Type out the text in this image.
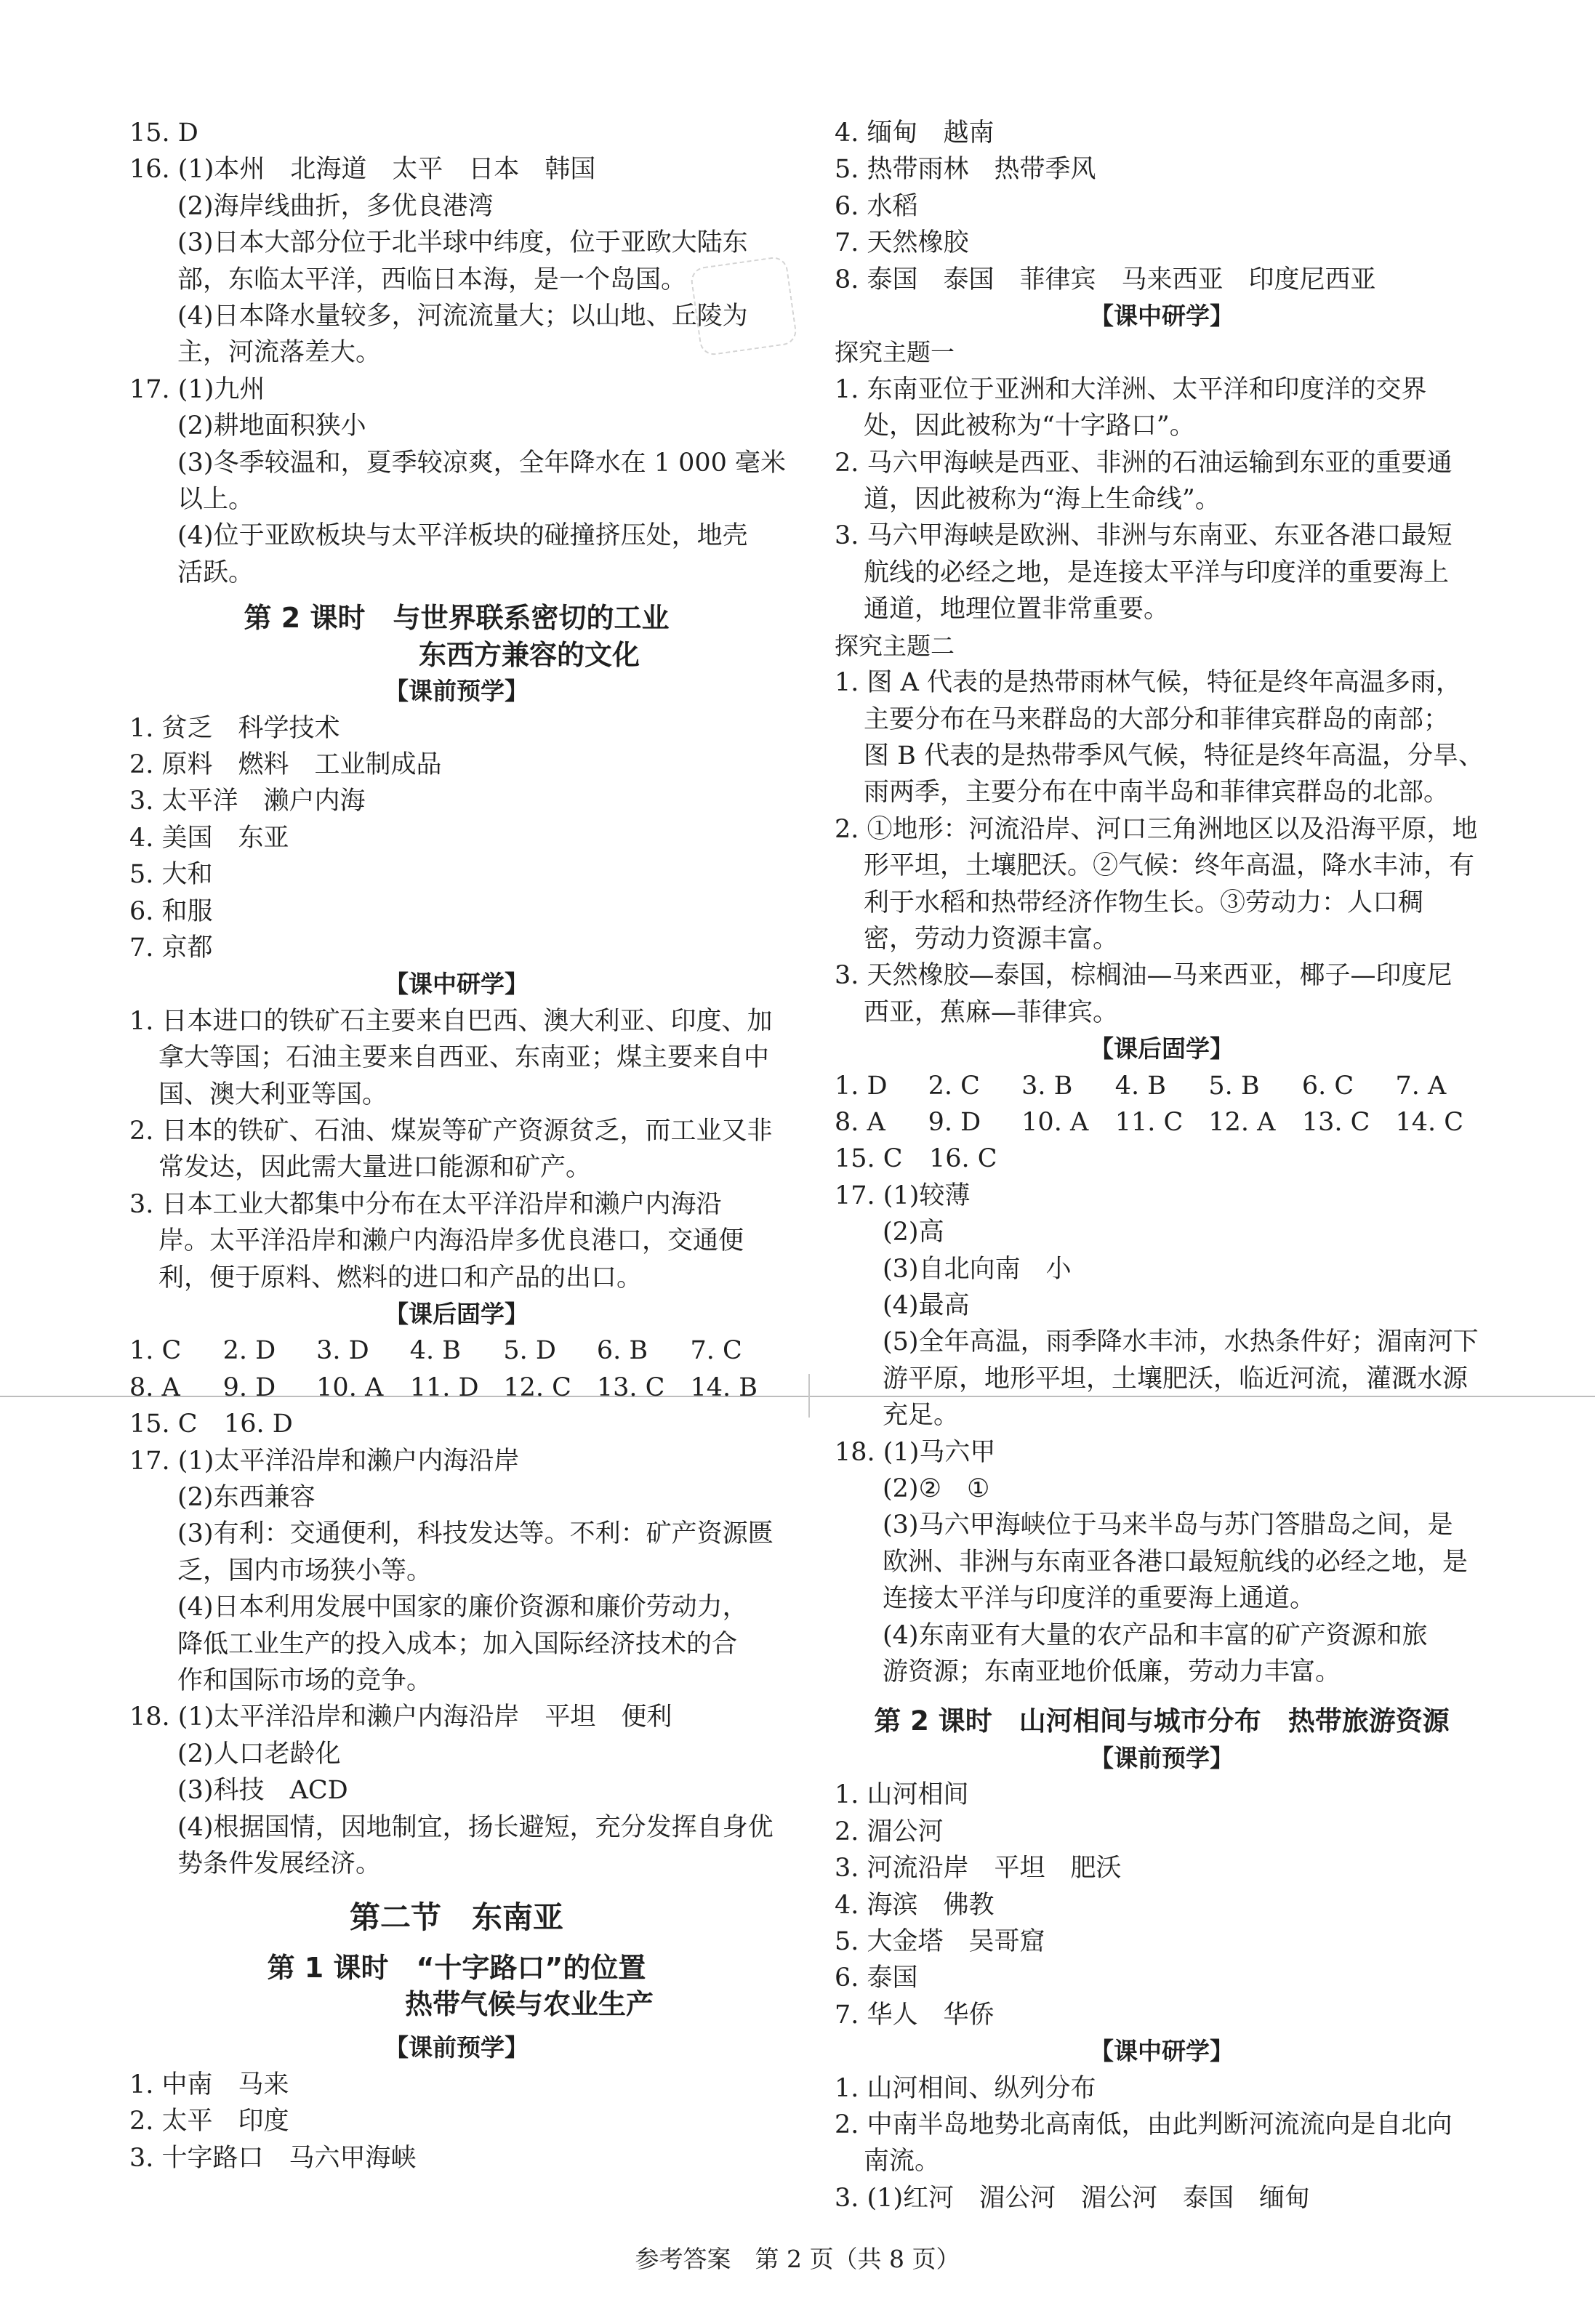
15. D
16. (1)本州　北海道　太平　日本　韩国
(2)海岸线曲折，多优良港湾
(3)日本大部分位于北半球中纬度，位于亚欧大陆东
部，东临太平洋，西临日本海，是一个岛国。
(4)日本降水量较多，河流流量大；以山地、丘陵为
主，河流落差大。
17. (1)九州
(2)耕地面积狭小
(3)冬季较温和，夏季较凉爽，全年降水在 1 000 毫米
以上。
(4)位于亚欧板块与太平洋板块的碰撞挤压处，地壳
活跃。
第 2 课时　与世界联系密切的工业
东西方兼容的文化
【课前预学】
1. 贫乏　科学技术
2. 原料　燃料　工业制成品
3. 太平洋　濑户内海
4. 美国　东亚
5. 大和
6. 和服
7. 京都
【课中研学】
1. 日本进口的铁矿石主要来自巴西、澳大利亚、印度、加
拿大等国；石油主要来自西亚、东南亚；煤主要来自中
国、澳大利亚等国。
2. 日本的铁矿、石油、煤炭等矿产资源贫乏，而工业又非
常发达，因此需大量进口能源和矿产。
3. 日本工业大都集中分布在太平洋沿岸和濑户内海沿
岸。太平洋沿岸和濑户内海沿岸多优良港口，交通便
利，便于原料、燃料的进口和产品的出口。
【课后固学】
1. C	2. D	3. D	4. B	5. D	6. B	7. C
8. A	9. D	10. A	11. D 12. C	13. C	14. B
15. C	16. D
17. (1)太平洋沿岸和濑户内海沿岸
(2)东西兼容
(3)有利：交通便利，科技发达等。不利：矿产资源匮
乏，国内市场狭小等。
(4)日本利用发展中国家的廉价资源和廉价劳动力，
降低工业生产的投入成本；加入国际经济技术的合
作和国际市场的竞争。
18. (1)太平洋沿岸和濑户内海沿岸　平坦　便利
(2)人口老龄化
(3)科技　ACD
(4)根据国情，因地制宜，扬长避短，充分发挥自身优
势条件发展经济。
第二节　东南亚
第 1 课时　“十字路口”的位置
热带气候与农业生产
【课前预学】
1. 中南　马来
2. 太平　印度
3. 十字路口　马六甲海峡
4. 缅甸　越南
5. 热带雨林　热带季风
6. 水稻
7. 天然橡胶
8. 泰国　泰国　菲律宾　马来西亚　印度尼西亚
【课中研学】
探究主题一
1. 东南亚位于亚洲和大洋洲、太平洋和印度洋的交界
处，因此被称为“十字路口”。
2. 马六甲海峡是西亚、非洲的石油运输到东亚的重要通
道，因此被称为“海上生命线”。
3. 马六甲海峡是欧洲、非洲与东南亚、东亚各港口最短
航线的必经之地，是连接太平洋与印度洋的重要海上
通道，地理位置非常重要。
探究主题二
1. 图 A 代表的是热带雨林气候，特征是终年高温多雨，
主要分布在马来群岛的大部分和菲律宾群岛的南部；
图 B 代表的是热带季风气候，特征是终年高温，分旱、
雨两季，主要分布在中南半岛和菲律宾群岛的北部。
2. ①地形：河流沿岸、河口三角洲地区以及沿海平原，地
形平坦，土壤肥沃。②气候：终年高温，降水丰沛，有
利于水稻和热带经济作物生长。③劳动力：人口稠
密，劳动力资源丰富。
3. 天然橡胶—泰国，棕榈油—马来西亚，椰子—印度尼
西亚，蕉麻—菲律宾。
【课后固学】
1. D	2. C	3. B	4. B	5. B	6. C	7. A
8. A	9. D	10. A	11. C	12. A	13. C	14. C
15. C	16. C
17. (1)较薄
(2)高
(3)自北向南　小
(4)最高
(5)全年高温，雨季降水丰沛，水热条件好；湄南河下
游平原，地形平坦，土壤肥沃，临近河流，灌溉水源
充足。
18. (1)马六甲
(2)②　①
(3)马六甲海峡位于马来半岛与苏门答腊岛之间，是
欧洲、非洲与东南亚各港口最短航线的必经之地，是
连接太平洋与印度洋的重要海上通道。
(4)东南亚有大量的农产品和丰富的矿产资源和旅
游资源；东南亚地价低廉，劳动力丰富。
第 2 课时　山河相间与城市分布　热带旅游资源
【课前预学】
1. 山河相间
2. 湄公河
3. 河流沿岸　平坦　肥沃
4. 海滨　佛教
5. 大金塔　吴哥窟
6. 泰国
7. 华人　华侨
【课中研学】
1. 山河相间、纵列分布
2. 中南半岛地势北高南低，由此判断河流流向是自北向
南流。
3. (1)红河　湄公河　湄公河　泰国　缅甸
参考答案　第 2 页（共 8 页）
